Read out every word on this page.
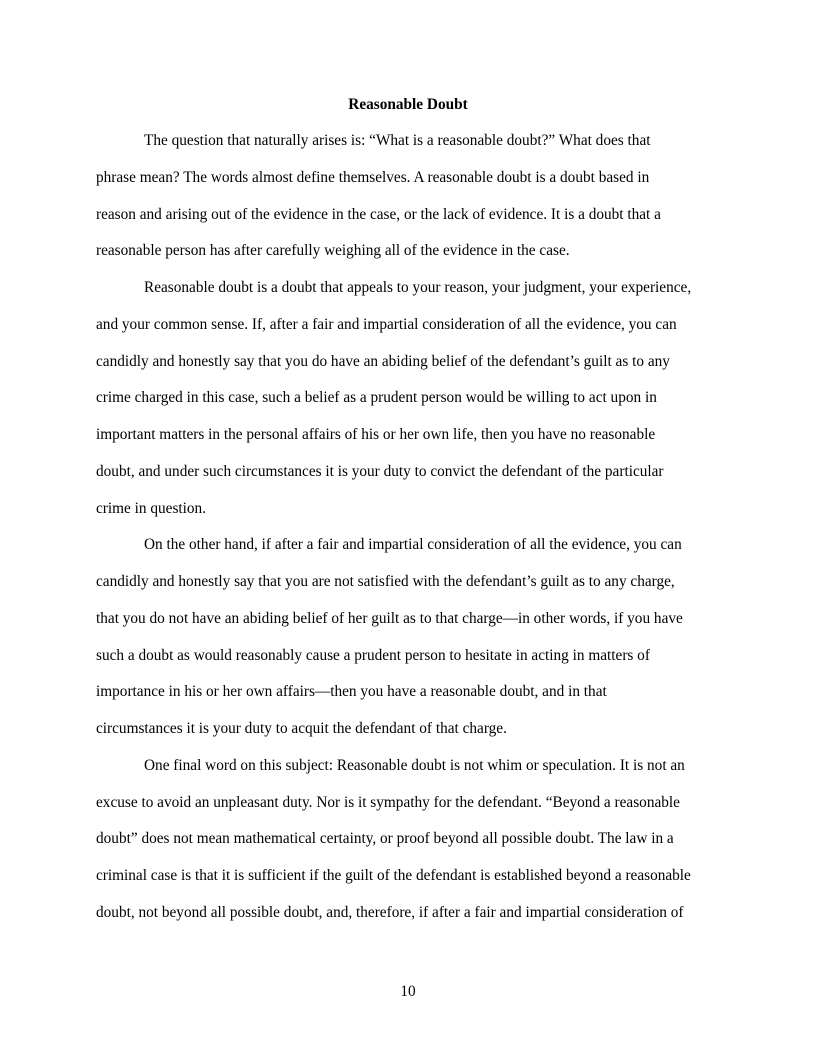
Reasonable Doubt

The question that naturally arises is: “What is a reasonable doubt?” What does that

phrase mean? The words almost define themselves. A reasonable doubt is a doubt based in

reason and arising out of the evidence in the case, or the lack of evidence. It is a doubt that a

reasonable person has after carefully weighing all of the evidence in the case.

Reasonable doubt is a doubt that appeals to your reason, your judgment, your experience,

and your common sense. If, after a fair and impartial consideration of all the evidence, you can

candidly and honestly say that you do have an abiding belief of the defendant’s guilt as to any

crime charged in this case, such a belief as a prudent person would be willing to act upon in

important matters in the personal affairs of his or her own life, then you have no reasonable

doubt, and under such circumstances it is your duty to convict the defendant of the particular

crime in question.

On the other hand, if after a fair and impartial consideration of all the evidence, you can

candidly and honestly say that you are not satisfied with the defendant’s guilt as to any charge,

that you do not have an abiding belief of her guilt as to that charge—in other words, if you have

such a doubt as would reasonably cause a prudent person to hesitate in acting in matters of

importance in his or her own affairs—then you have a reasonable doubt, and in that

circumstances it is your duty to acquit the defendant of that charge.

One final word on this subject: Reasonable doubt is not whim or speculation. It is not an

excuse to avoid an unpleasant duty. Nor is it sympathy for the defendant. “Beyond a reasonable

doubt” does not mean mathematical certainty, or proof beyond all possible doubt. The law in a

criminal case is that it is sufficient if the guilt of the defendant is established beyond a reasonable

doubt, not beyond all possible doubt, and, therefore, if after a fair and impartial consideration of

10
